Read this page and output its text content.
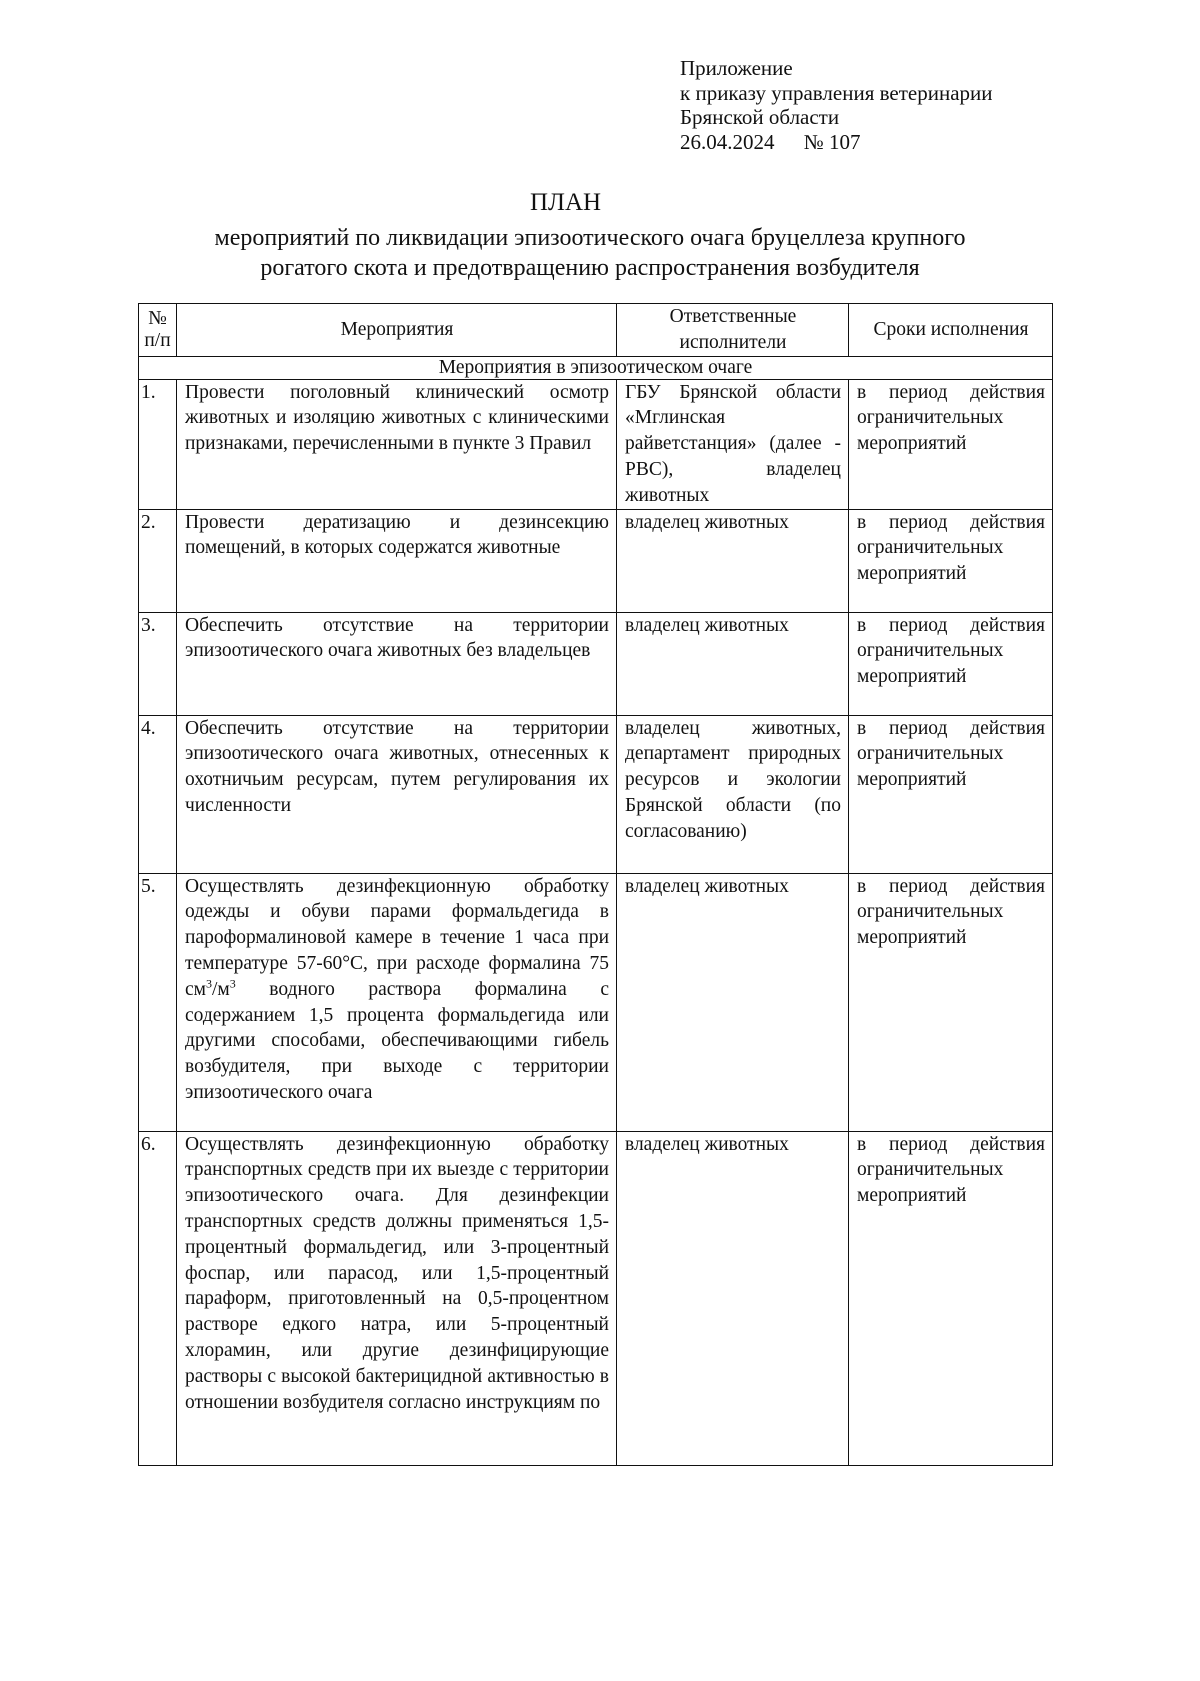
Приложение
к приказу управления ветеринарии
Брянской области
26.04.2024 № 107
ПЛАН
мероприятий по ликвидации эпизоотического очага бруцеллеза крупного
рогатого скота и предотвращению распространения возбудителя
№
п/п	Мероприятия	Ответственные исполнители	Сроки исполнения
Мероприятия в эпизоотическом очаге			
1.	Провести поголовный клинический осмотр животных и изоляцию животных с клиническими признаками, перечисленными в пункте 3 Правил	ГБУ Брянской области «Мглинская райветстанция» (далее - РВС), владелец животных	в период действия ограничительных мероприятий
2.	Провести дератизацию и дезинсекцию помещений, в которых содержатся животные	владелец животных	в период действия ограничительных мероприятий
3.	Обеспечить отсутствие на территории эпизоотического очага животных без владельцев	владелец животных	в период действия ограничительных мероприятий
4.	Обеспечить отсутствие на территории эпизоотического очага животных, отнесенных к охотничьим ресурсам, путем регулирования их численности	владелец животных, департамент природных ресурсов и экологии Брянской области (по согласованию)	в период действия ограничительных мероприятий
5.	Осуществлять дезинфекционную обработку одежды и обуви парами формальдегида в пароформалиновой камере в течение 1 часа при температуре 57-60°С, при расходе формалина 75 $см^3/м^3$ водного раствора формалина с содержанием 1,5 процента формальдегида или другими способами, обеспечивающими гибель возбудителя, при выходе с территории эпизоотического очага	владелец животных	в период действия ограничительных мероприятий
6.	Осуществлять дезинфекционную обработку транспортных средств при их выезде с территории эпизоотического очага. Для дезинфекции транспортных средств должны применяться 1,5-процентный формальдегид, или 3-процентный фоспар, или парасод, или 1,5-процентный параформ, приготовленный на 0,5-процентном растворе едкого натра, или 5-процентный хлорамин, или другие дезинфицирующие растворы с высокой бактерицидной активностью в отношении возбудителя согласно инструкциям по	владелец животных	в период действия ограничительных мероприятий
